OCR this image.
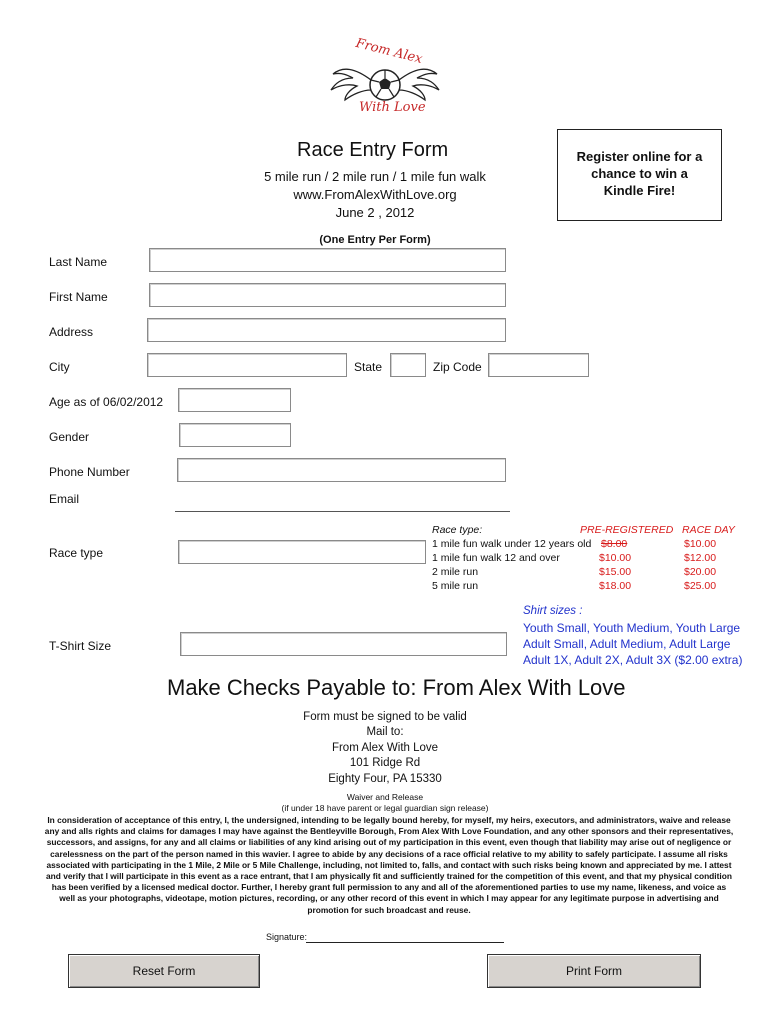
From Alex
With Love
Race Entry Form
5 mile run / 2 mile run / 1 mile fun walk
www.FromAlexWithLove.org
June 2 , 2012
(One Entry Per Form)
Register online for a
chance to win a
Kindle Fire!
Last Name
First Name
Address
City	State	Zip Code
Age as of 06/02/2012
Gender
Phone Number
Email
Race type
Race type:	PRE-REGISTERED RACE DAY
1 mile fun walk under 12 years old $8.00	$10.00
1 mile fun walk 12 and over	$10.00	$12.00
2 mile run	$15.00	$20.00
5 mile run	$18.00	$25.00
Shirt sizes :
Youth Small, Youth Medium, Youth Large
Adult Small, Adult Medium, Adult Large
Adult 1X, Adult 2X, Adult 3X ($2.00 extra)
T-Shirt Size
Make Checks Payable to: From Alex With Love
Form must be signed to be valid
Mail to:
From Alex With Love
101 Ridge Rd
Eighty Four, PA 15330
Waiver and Release
(if under 18 have parent or legal guardian sign release)
In consideration of acceptance of this entry, I, the undersigned, intending to be legally bound hereby, for myself, my heirs, executors, and administrators, waive and release any and alls rights and claims for damages I may have against the Bentleyville Borough, From Alex With Love Foundation, and any other sponsors and their representatives, successors, and assigns, for any and all claims or liabilities of any kind arising out of my participation in this event, even though that liability may arise out of negligence or carelessness on the part of the person named in this wavier. I agree to abide by any decisions of a race official relative to my ability to safely participate. I assume all risks associated with participating in the 1 Mile, 2 Mile or 5 Mile Challenge, including, not limited to, falls, and contact with such risks being known and appreciated by me. I attest and verify that I will participate in this event as a race entrant, that I am physically fit and sufficiently trained for the competition of this event, and that my physical condition has been verified by a licensed medical doctor. Further, I hereby grant full permission to any and all of the aforementioned parties to use my name, likeness, and voice as well as your photographs, videotape, motion pictures, recording, or any other record of this event in which I may appear for any legitimate purpose in advertising and promotion for such broadcast and reuse.
Signature:
Reset Form	Print Form
